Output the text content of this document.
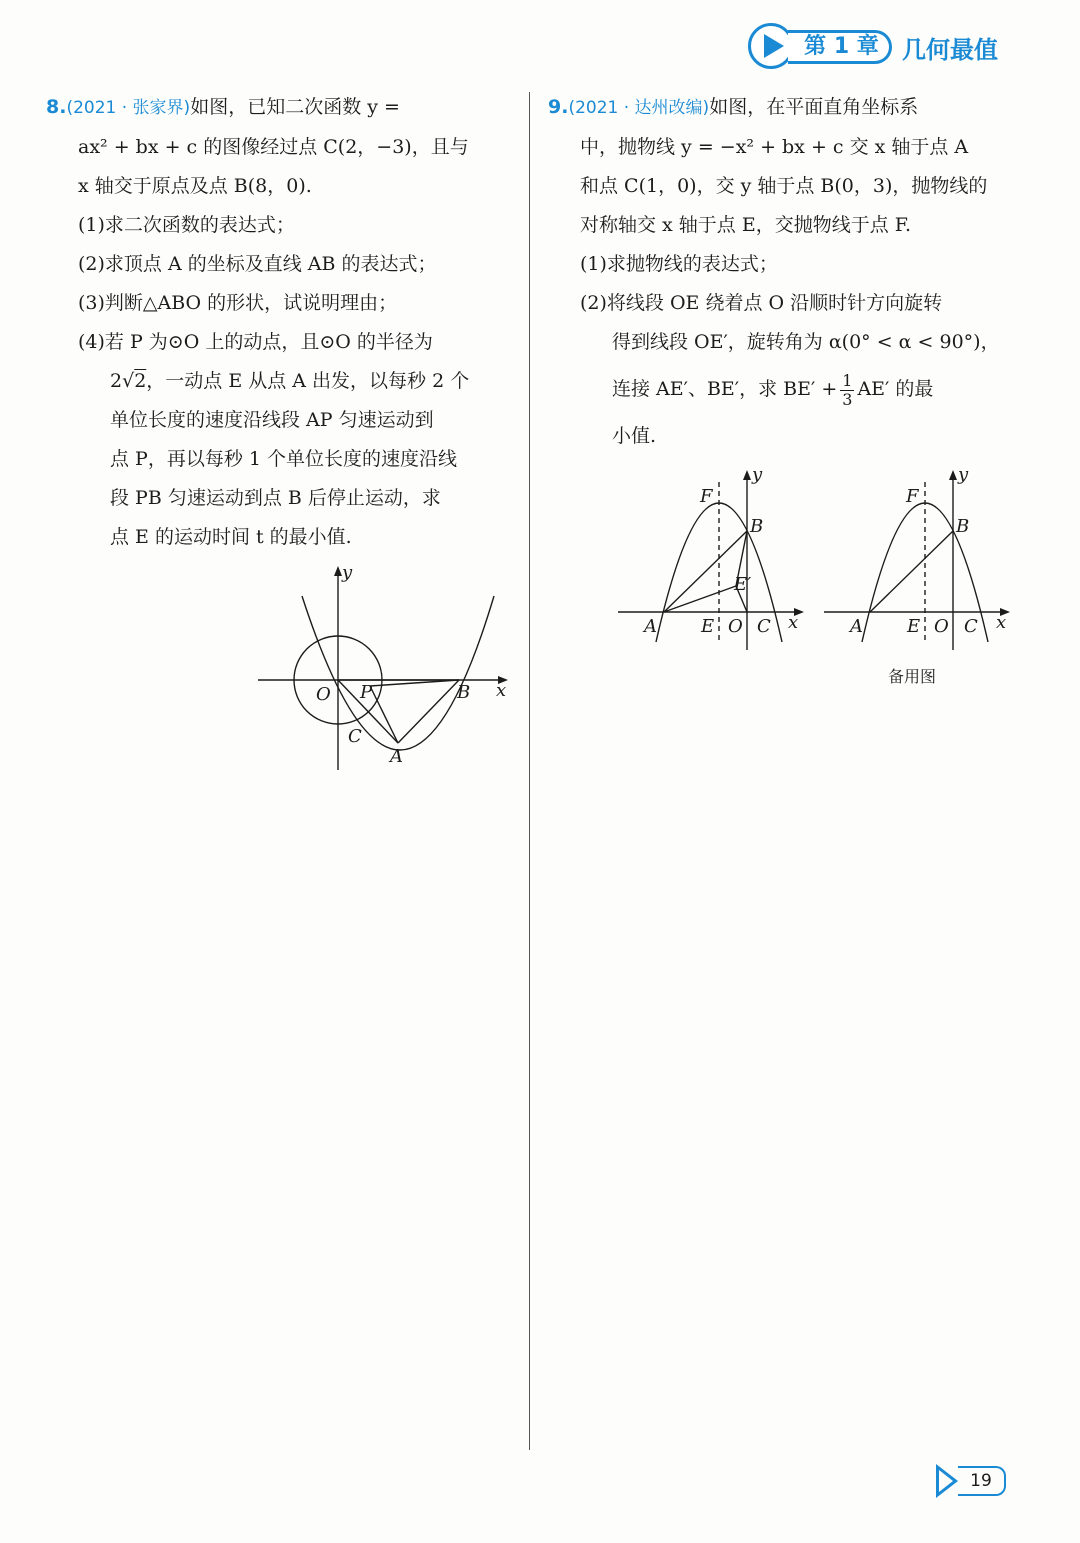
第 1 章 几何最值

8.(2021 · 张家界)如图，已知二次函数 y =

ax² + bx + c 的图像经过点 C(2，−3)，且与

x 轴交于原点及点 B(8，0).

(1)求二次函数的表达式；

(2)求顶点 A 的坐标及直线 AB 的表达式；

(3)判断△ABO 的形状，试说明理由；

(4)若 P 为⊙O 上的动点，且⊙O 的半径为

2√2，一动点 E 从点 A 出发，以每秒 2 个

单位长度的速度沿线段 AP 匀速运动到

点 P，再以每秒 1 个单位长度的速度沿线

段 PB 匀速运动到点 B 后停止运动，求

点 E 的运动时间 t 的最小值.

y
x
O P	B
C
A

9.(2021 · 达州改编)如图，在平面直角坐标系

中，抛物线 y = −x² + bx + c 交 x 轴于点 A

和点 C(1，0)，交 y 轴于点 B(0，3)，抛物线的

对称轴交 x 轴于点 E，交抛物线于点 F.

(1)求抛物线的表达式；

(2)将线段 OE 绕着点 O 沿顺时针方向旋转

得到线段 OE′，旋转角为 α(0° < α < 90°)，

连接 AE′、BE′，求 $BE' + \frac{1}{3} AE'$ 的最

小值.

y
x
F
B
E′
A E O C
y
x
F
B
A E O C
备用图
19
